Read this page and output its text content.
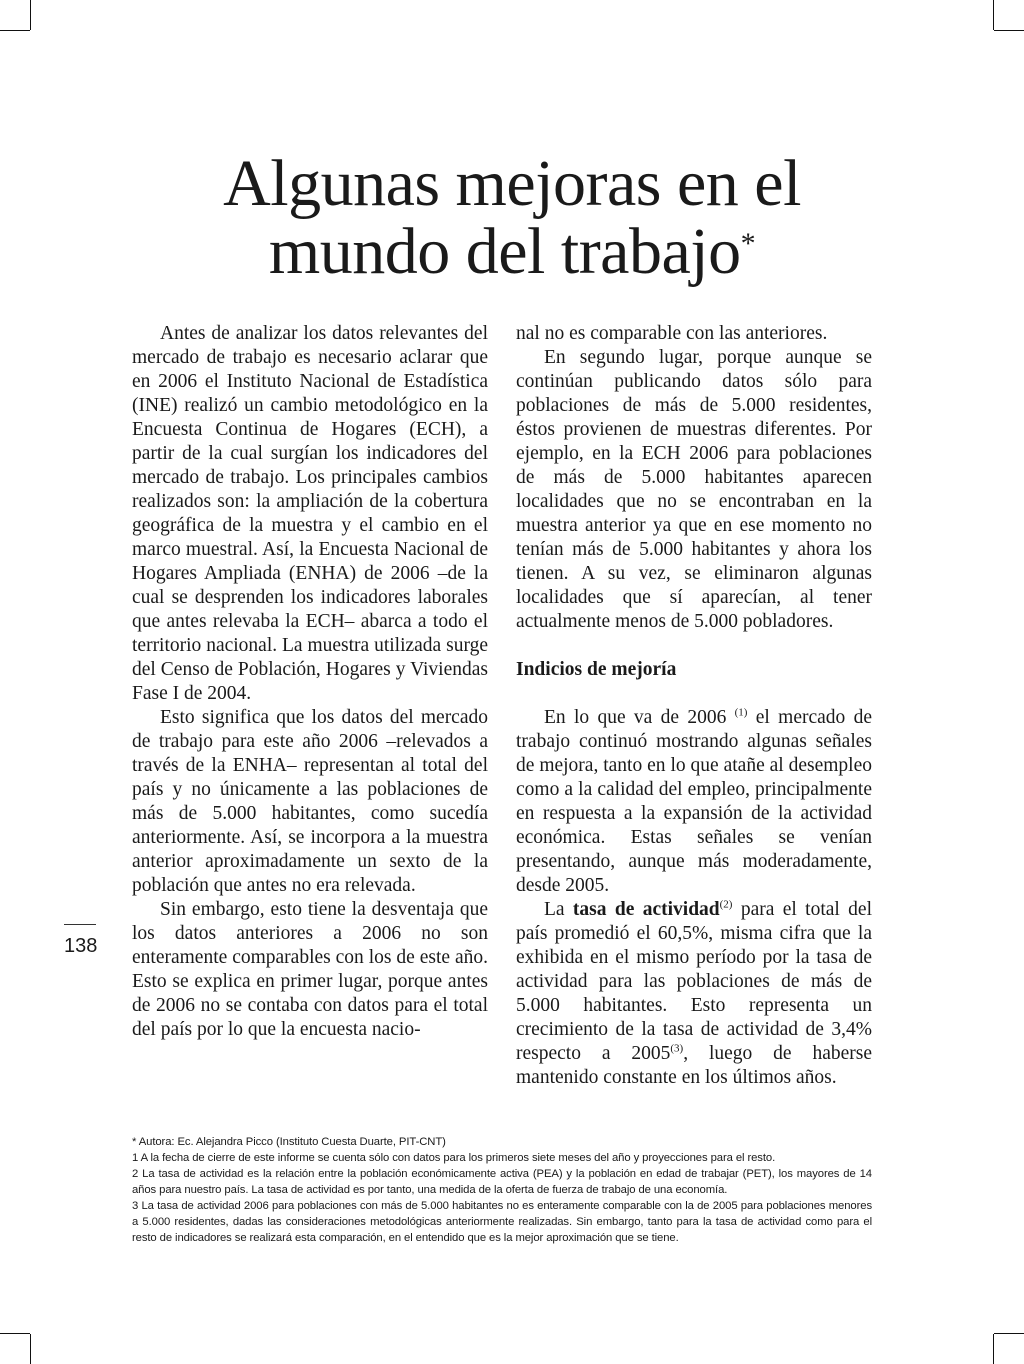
Algunas mejoras en el
mundo del trabajo*

Antes de analizar los datos relevantes del mercado de trabajo es necesario aclarar que en 2006 el Instituto Nacional de Estadística (INE) realizó un cambio metodológico en la Encuesta Continua de Hogares (ECH), a partir de la cual surgían los indicadores del mercado de trabajo. Los principales cambios realizados son: la ampliación de la cobertura geográfica de la muestra y el cambio en el marco muestral. Así, la Encuesta Nacional de Hogares Ampliada (ENHA) de 2006 –de la cual se desprenden los indicadores laborales que antes relevaba la ECH– abarca a todo el territorio nacional. La muestra utilizada surge del Censo de Población, Hogares y Viviendas Fase I de 2004.

Esto significa que los datos del mercado de trabajo para este año 2006 –relevados a través de la ENHA– representan al total del país y no únicamente a las poblaciones de más de 5.000 habitantes, como sucedía anteriormente. Así, se incorpora a la muestra anterior aproximadamente un sexto de la población que antes no era relevada.

Sin embargo, esto tiene la desventaja que los datos anteriores a 2006 no son enteramente comparables con los de este año. Esto se explica en primer lugar, porque antes de 2006 no se contaba con datos para el total del país por lo que la encuesta nacio-

nal no es comparable con las anteriores.

En segundo lugar, porque aunque se continúan publicando datos sólo para poblaciones de más de 5.000 residentes, éstos provienen de muestras diferentes. Por ejemplo, en la ECH 2006 para poblaciones de más de 5.000 habitantes aparecen localidades que no se encontraban en la muestra anterior ya que en ese momento no tenían más de 5.000 habitantes y ahora los tienen. A su vez, se eliminaron algunas localidades que sí aparecían, al tener actualmente menos de 5.000 pobladores.

Indicios de mejoría

En lo que va de 2006 $^{(1)}$ el mercado de trabajo continuó mostrando algunas señales de mejora, tanto en lo que atañe al desempleo como a la calidad del empleo, principalmente en respuesta a la expansión de la actividad económica. Estas señales se venían presentando, aunque más moderadamente, desde 2005.

La tasa de actividad$^{(2)}$ para el total del país promedió el 60,5%, misma cifra que la exhibida en el mismo período por la tasa de actividad para las poblaciones de más de 5.000 habitantes. Esto representa un crecimiento de la tasa de actividad de 3,4% respecto a 2005$^{(3)}$, luego de haberse mantenido constante en los últimos años.

138

* Autora: Ec. Alejandra Picco (Instituto Cuesta Duarte, PIT-CNT)

1 A la fecha de cierre de este informe se cuenta sólo con datos para los primeros siete meses del año y proyecciones para el resto.

2 La tasa de actividad es la relación entre la población económicamente activa (PEA) y la población en edad de trabajar (PET), los mayores de 14 años para nuestro país. La tasa de actividad es por tanto, una medida de la oferta de fuerza de trabajo de una economía.

3 La tasa de actividad 2006 para poblaciones con más de 5.000 habitantes no es enteramente comparable con la de 2005 para poblaciones menores a 5.000 residentes, dadas las consideraciones metodológicas anteriormente realizadas. Sin embargo, tanto para la tasa de actividad como para el resto de indicadores se realizará esta comparación, en el entendido que es la mejor aproximación que se tiene.
